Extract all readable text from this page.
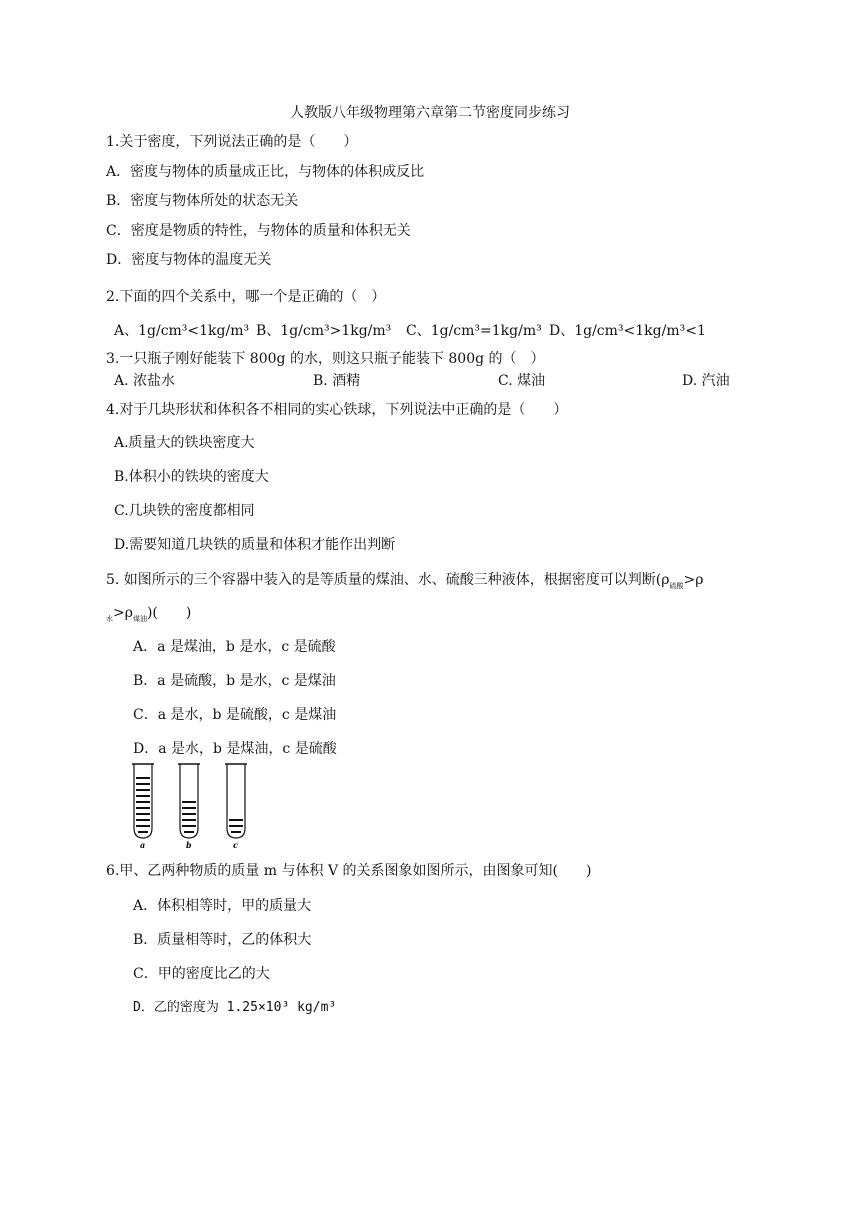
人教版八年级物理第六章第二节密度同步练习
1.关于密度，下列说法正确的是（　　）
A．密度与物体的质量成正比，与物体的体积成反比
B．密度与物体所处的状态无关
C．密度是物质的特性，与物体的质量和体积无关
D．密度与物体的温度无关
2.下面的四个关系中，哪一个是正确的（　）
A、1g/cm³<1kg/m³ B、1g/cm³>1kg/m³ C、1g/cm³=1kg/m³ D、1g/cm³<1kg/m³<1
3.一只瓶子刚好能装下 800g 的水，则这只瓶子能装下 800g 的（　）
A. 浓盐水	B. 酒精	C. 煤油	D. 汽油
4.对于几块形状和体积各不相同的实心铁球，下列说法中正确的是（　　）
A.质量大的铁块密度大
B.体积小的铁块的密度大
C.几块铁的密度都相同
D.需要知道几块铁的质量和体积才能作出判断
5. 如图所示的三个容器中装入的是等质量的煤油、水、硫酸三种液体，根据密度可以判断($\rho_{硫酸}>\rho$
$_水>\rho_{煤油}$)(　　)
A．a 是煤油，b 是水，c 是硫酸
B．a 是硫酸，b 是水，c 是煤油
C．a 是水，b 是硫酸，c 是煤油
D．a 是水，b 是煤油，c 是硫酸
a	b	c
6.甲、乙两种物质的质量 m 与体积 V 的关系图象如图所示，由图象可知(　　)
A．体积相等时，甲的质量大
B．质量相等时，乙的体积大
C．甲的密度比乙的大
D．乙的密度为 1.25×10³ kg/m³
